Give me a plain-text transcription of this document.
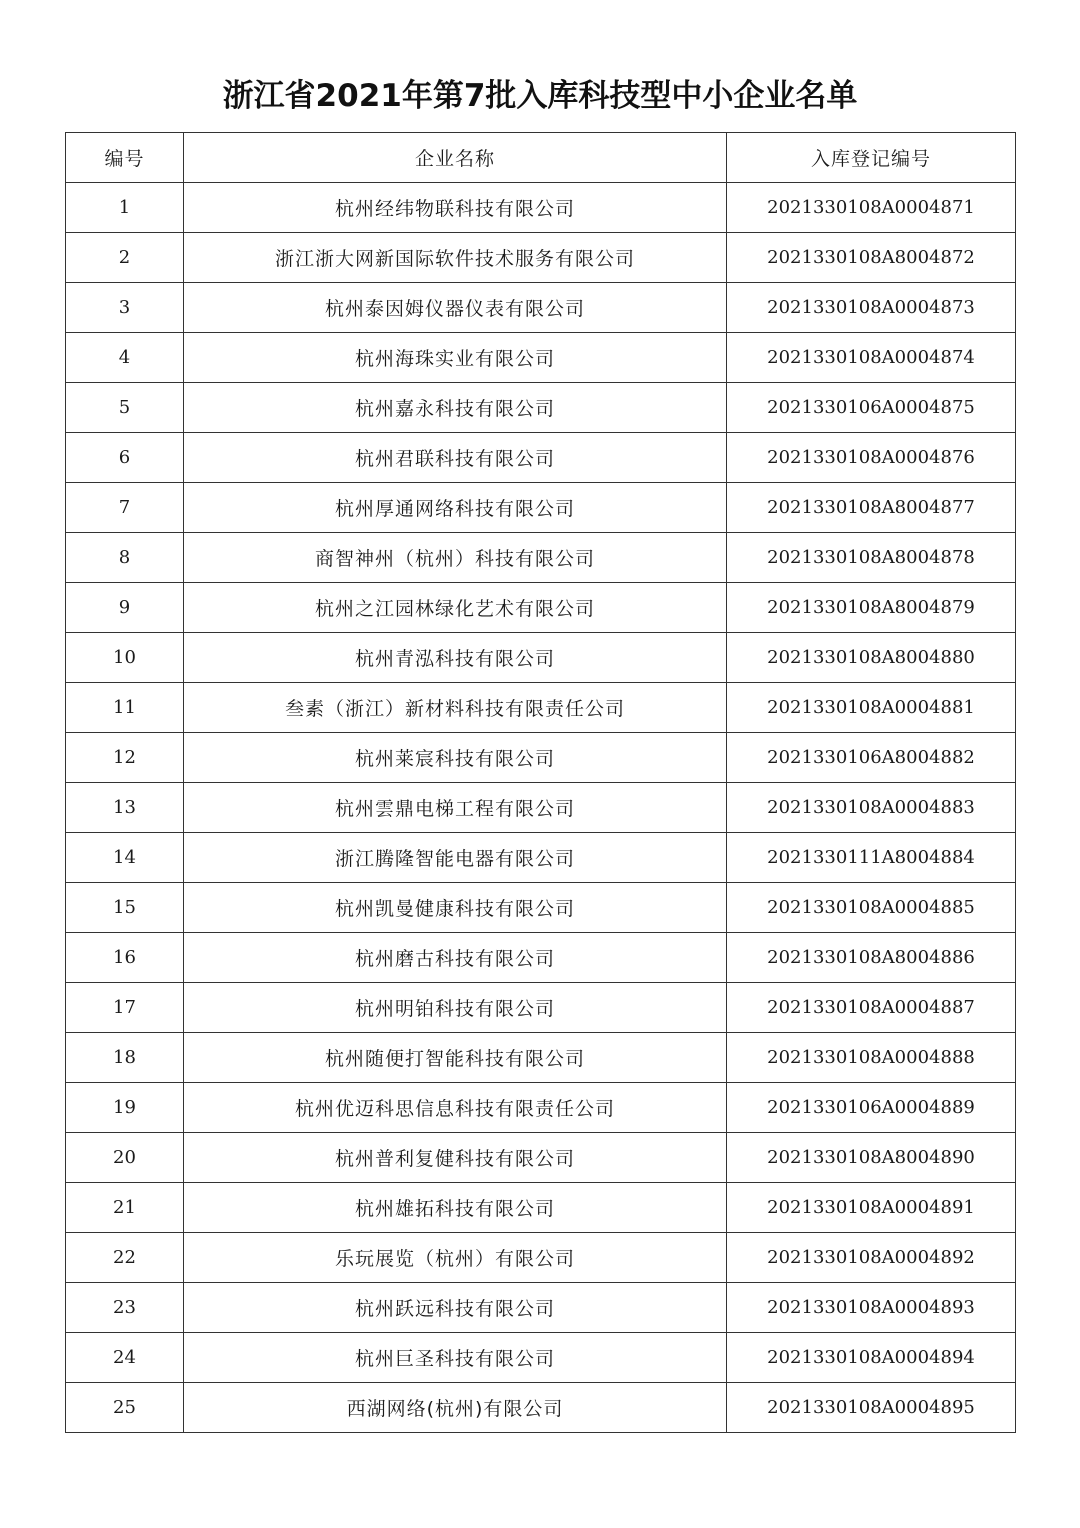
浙江省2021年第7批入库科技型中小企业名单
编号	企业名称	入库登记编号
1	杭州经纬物联科技有限公司	2021330108A0004871
2	浙江浙大网新国际软件技术服务有限公司	2021330108A8004872
3	杭州泰因姆仪器仪表有限公司	2021330108A0004873
4	杭州海珠实业有限公司	2021330108A0004874
5	杭州嘉永科技有限公司	2021330106A0004875
6	杭州君联科技有限公司	2021330108A0004876
7	杭州厚通网络科技有限公司	2021330108A8004877
8	商智神州（杭州）科技有限公司	2021330108A8004878
9	杭州之江园林绿化艺术有限公司	2021330108A8004879
10	杭州青泓科技有限公司	2021330108A8004880
11	叁素（浙江）新材料科技有限责任公司	2021330108A0004881
12	杭州莱宸科技有限公司	2021330106A8004882
13	杭州雲鼎电梯工程有限公司	2021330108A0004883
14	浙江腾隆智能电器有限公司	2021330111A8004884
15	杭州凯曼健康科技有限公司	2021330108A0004885
16	杭州磨古科技有限公司	2021330108A8004886
17	杭州明铂科技有限公司	2021330108A0004887
18	杭州随便打智能科技有限公司	2021330108A0004888
19	杭州优迈科思信息科技有限责任公司	2021330106A0004889
20	杭州普利复健科技有限公司	2021330108A8004890
21	杭州雄拓科技有限公司	2021330108A0004891
22	乐玩展览（杭州）有限公司	2021330108A0004892
23	杭州跃远科技有限公司	2021330108A0004893
24	杭州巨圣科技有限公司	2021330108A0004894
25	西湖网络(杭州)有限公司	2021330108A0004895
